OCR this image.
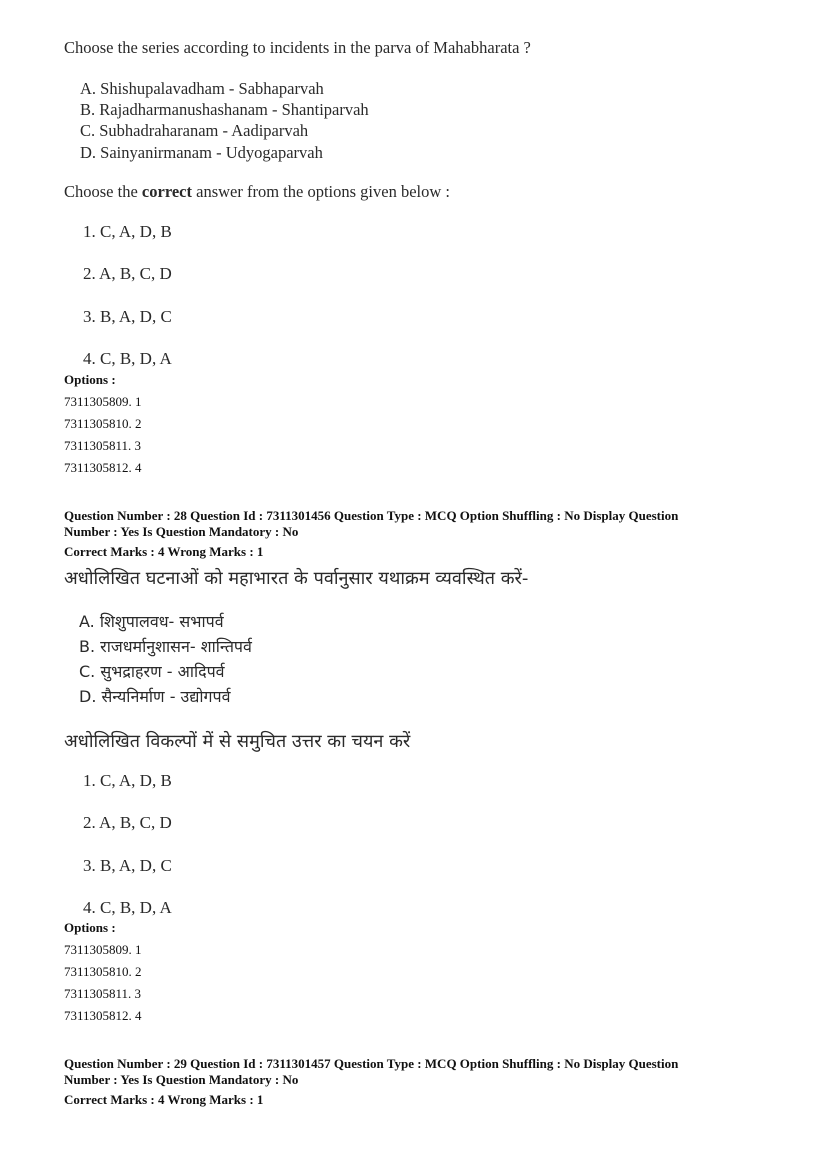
Choose the series according to incidents in the parva of Mahabharata ?
A. Shishupalavadham - Sabhaparvah
B. Rajadharmanushashanam - Shantiparvah
C. Subhadraharanam - Aadiparvah
D. Sainyanirmanam - Udyogaparvah
Choose the correct answer from the options given below :
1. C, A, D, B
2. A, B, C, D
3. B, A, D, C
4. C, B, D, A
Options :
7311305809. 1
7311305810. 2
7311305811. 3
7311305812. 4
Question Number : 28 Question Id : 7311301456 Question Type : MCQ Option Shuffling : No Display Question
Number : Yes Is Question Mandatory : No
Correct Marks : 4 Wrong Marks : 1
अधोलिखित घटनाओं को महाभारत के पर्वानुसार यथाक्रम व्यवस्थित करें-
A. शिशुपालवध- सभापर्व
B. राजधर्मानुशासन- शान्तिपर्व
C. सुभद्राहरण - आदिपर्व
D. सैन्यनिर्माण - उद्योगपर्व
अधोलिखित विकल्पों में से समुचित उत्तर का चयन करें
1. C, A, D, B
2. A, B, C, D
3. B, A, D, C
4. C, B, D, A
Options :
7311305809. 1
7311305810. 2
7311305811. 3
7311305812. 4
Question Number : 29 Question Id : 7311301457 Question Type : MCQ Option Shuffling : No Display Question
Number : Yes Is Question Mandatory : No
Correct Marks : 4 Wrong Marks : 1
